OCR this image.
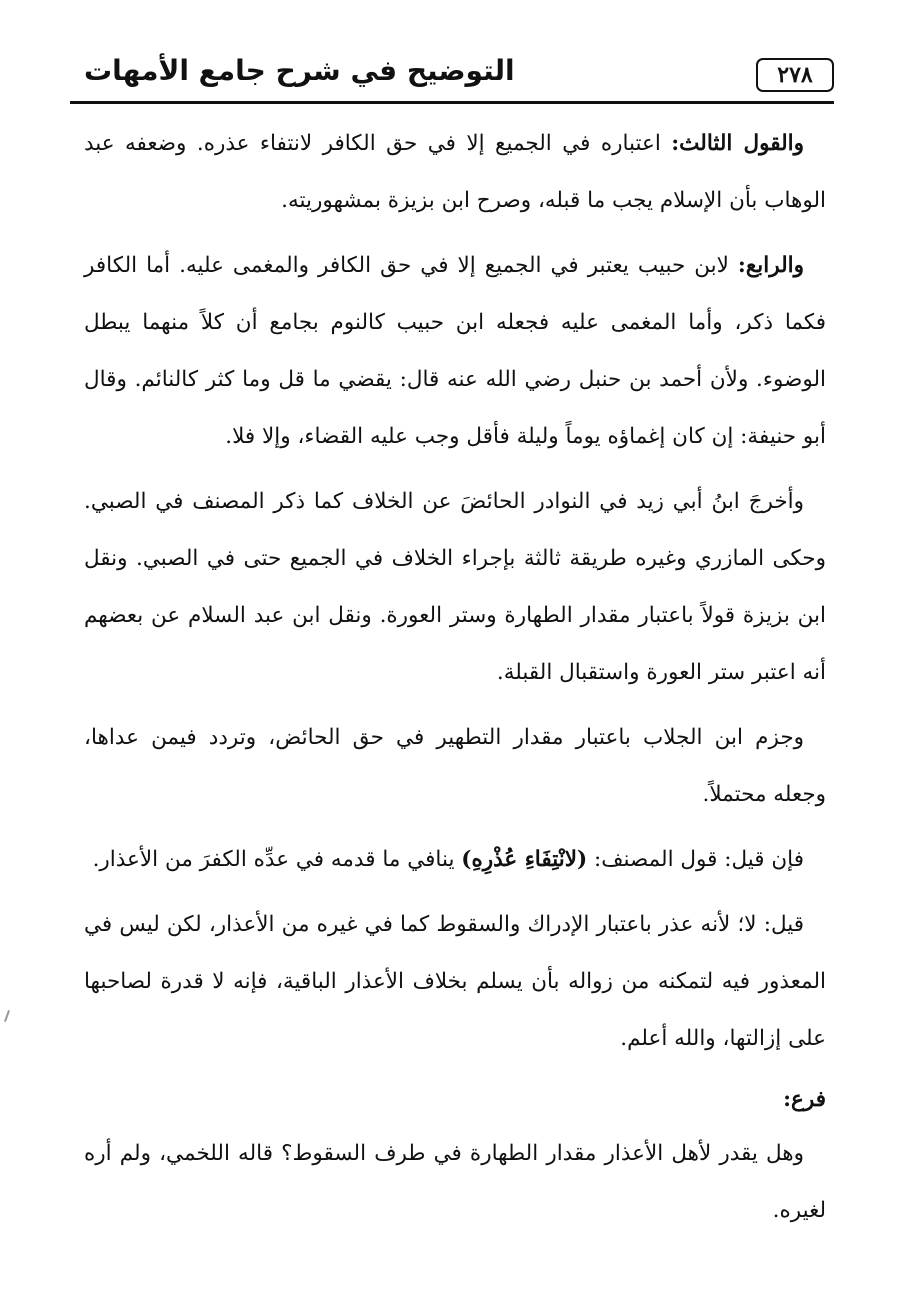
٢٧٨
التوضيح في شرح جامع الأمهات

والقول الثالث: اعتباره في الجميع إلا في حق الكافر لانتفاء عذره. وضعفه عبد الوهاب بأن الإسلام يجب ما قبله، وصرح ابن بزيزة بمشهوريته.

والرابع: لابن حبيب يعتبر في الجميع إلا في حق الكافر والمغمى عليه. أما الكافر فكما ذكر، وأما المغمى عليه فجعله ابن حبيب كالنوم بجامع أن كلاً منهما يبطل الوضوء. ولأن أحمد بن حنبل رضي الله عنه قال: يقضي ما قل وما كثر كالنائم. وقال أبو حنيفة: إن كان إغماؤه يوماً وليلة فأقل وجب عليه القضاء، وإلا فلا.

وأخرجَ ابنُ أبي زيد في النوادر الحائضَ عن الخلاف كما ذكر المصنف في الصبي. وحكى المازري وغيره طريقة ثالثة بإجراء الخلاف في الجميع حتى في الصبي. ونقل ابن بزيزة قولاً باعتبار مقدار الطهارة وستر العورة. ونقل ابن عبد السلام عن بعضهم أنه اعتبر ستر العورة واستقبال القبلة.

وجزم ابن الجلاب باعتبار مقدار التطهير في حق الحائض، وتردد فيمن عداها، وجعله محتملاً.

فإن قيل: قول المصنف: (لانْتِفَاءِ عُذْرِهِ) ينافي ما قدمه في عدِّه الكفرَ من الأعذار.

قيل: لا؛ لأنه عذر باعتبار الإدراك والسقوط كما في غيره من الأعذار، لكن ليس في المعذور فيه لتمكنه من زواله بأن يسلم بخلاف الأعذار الباقية، فإنه لا قدرة لصاحبها على إزالتها، والله أعلم.

فرع:

وهل يقدر لأهل الأعذار مقدار الطهارة في طرف السقوط؟ قاله اللخمي، ولم أره لغيره.
